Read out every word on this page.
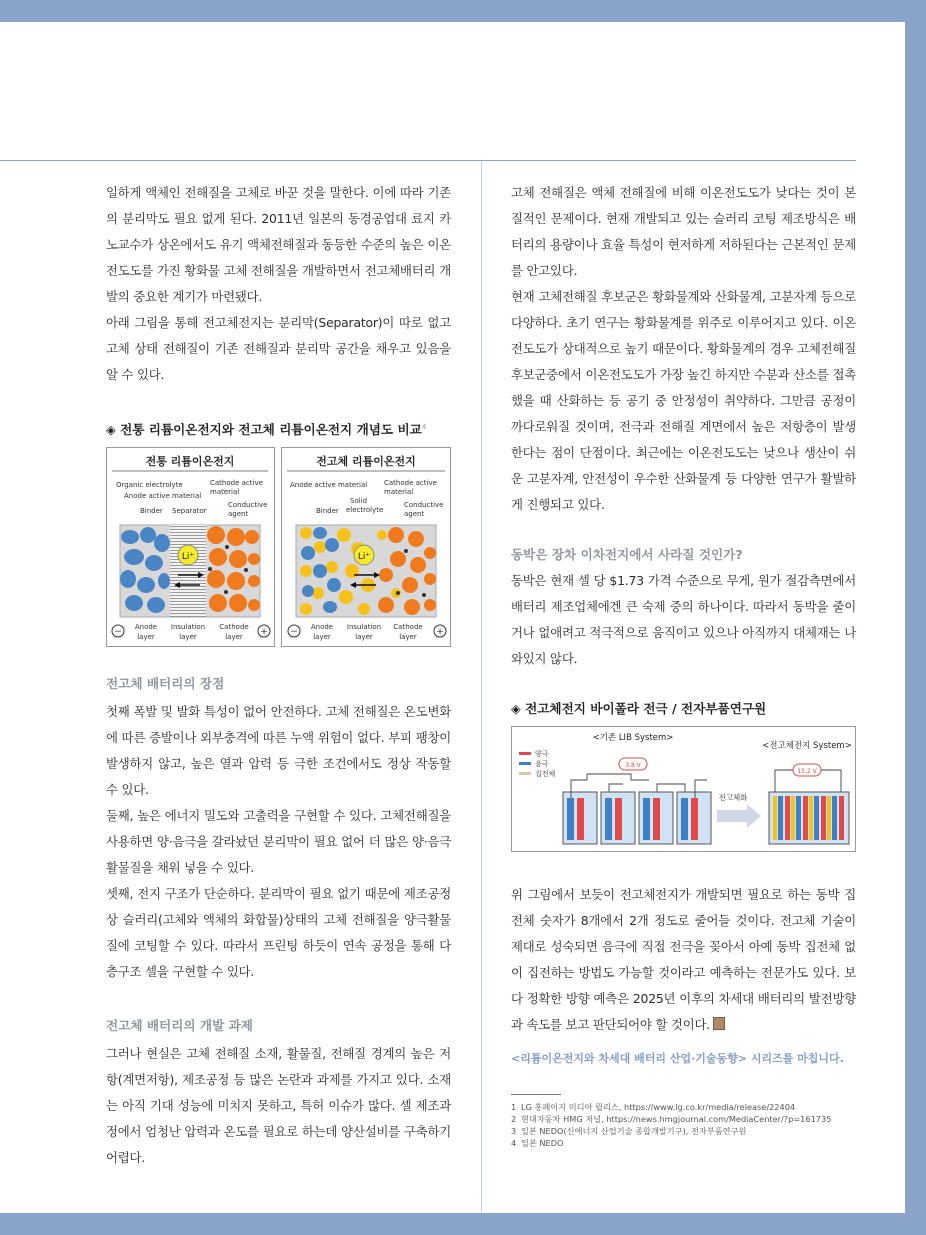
일하게 액체인 전해질을 고체로 바꾼 것을 말한다. 이에 따라 기존의 분리막도 필요 없게 된다. 2011년 일본의 동경공업대 료지 카노교수가 상온에서도 유기 액체전해질과 동등한 수준의 높은 이온전도도를 가진 황화물 고체 전해질을 개발하면서 전고체배터리 개발의 중요한 계기가 마련됐다.

아래 그림을 통해 전고체전지는 분리막(Separator)이 따로 없고 고체 상태 전해질이 기존 전해질과 분리막 공간을 채우고 있음을 알 수 있다.

◈ 전통 리튬이온전지와 전고체 리튬이온전지 개념도 비교$^4$

전통 리튬이온전지
Organic electrolyte
Anode active material
Binder Separator
Cathode active
material
Conductive
agent
Li⁺
−	+
Anode
layer
Insulation
layer
Cathode
layer
전고체 리튬이온전지
Anode active material
Binder
Solid
electrolyte
Cathode active
material
Conductive
agent
Li⁺
−	+
Anode
layer
Insulation
layer
Cathode
layer

전고체 배터리의 장점

첫째 폭발 및 발화 특성이 없어 안전하다. 고체 전해질은 온도변화에 따른 증발이나 외부충격에 따른 누액 위험이 없다. 부피 팽창이 발생하지 않고, 높은 열과 압력 등 극한 조건에서도 정상 작동할 수 있다.

둘째, 높은 에너지 밀도와 고출력을 구현할 수 있다. 고체전해질을 사용하면 양·음극을 갈라놨던 분리막이 필요 없어 더 많은 양·음극 활물질을 채워 넣을 수 있다.

셋째, 전지 구조가 단순하다. 분리막이 필요 없기 때문에 제조공정상 슬러리(고체와 액체의 화합물)상태의 고체 전해질을 양극활물질에 코팅할 수 있다. 따라서 프린팅 하듯이 연속 공정을 통해 다층구조 셀을 구현할 수 있다.

전고체 배터리의 개발 과제

그러나 현실은 고체 전해질 소재, 활물질, 전해질 경계의 높은 저항(계면저항), 제조공정 등 많은 논란과 과제를 가지고 있다. 소재는 아직 기대 성능에 미치지 못하고, 특허 이슈가 많다. 셀 제조과정에서 엄청난 압력과 온도를 필요로 하는데 양산설비를 구축하기 어렵다.

고체 전해질은 액체 전해질에 비해 이온전도도가 낮다는 것이 본질적인 문제이다. 현재 개발되고 있는 슬러리 코팅 제조방식은 배터리의 용량이나 효율 특성이 현저하게 저하된다는 근본적인 문제를 안고있다.

현재 고체전해질 후보군은 황화물계와 산화물계, 고분자계 등으로 다양하다. 초기 연구는 황화물계를 위주로 이루어지고 있다. 이온전도도가 상대적으로 높기 때문이다. 황화물계의 경우 고체전해질 후보군중에서 이온전도도가 가장 높긴 하지만 수분과 산소를 접촉했을 때 산화하는 등 공기 중 안정성이 취약하다. 그만큼 공정이 까다로워질 것이며, 전극과 전해질 계면에서 높은 저항층이 발생한다는 점이 단점이다. 최근에는 이온전도도는 낮으나 생산이 쉬운 고분자계, 안전성이 우수한 산화물계 등 다양한 연구가 활발하게 진행되고 있다.

동박은 장차 이차전지에서 사라질 것인가?

동박은 현재 셀 당 $1.73 가격 수준으로 무게, 원가 절감측면에서 배터리 제조업체에겐 큰 숙제 중의 하나이다. 따라서 동박을 줄이거나 없애려고 적극적으로 움직이고 있으나 아직까지 대체재는 나와있지 않다.

◈ 전고체전지 바이폴라 전극 / 전자부품연구원

<기존 LIB System>
<전고체전지 System>
양극
음극
집전체
3.8 V
전고체화
15.2 V

위 그림에서 보듯이 전고체전지가 개발되면 필요로 하는 동박 집전체 숫자가 8개에서 2개 정도로 줄어들 것이다. 전고체 기술이 제대로 성숙되면 음극에 직접 전극을 꽂아서 아예 동박 집전체 없이 집전하는 방법도 가능할 것이라고 예측하는 전문가도 있다. 보다 정확한 방향 예측은 2025년 이후의 차세대 배터리의 발전방향과 속도를 보고 판단되어야 할 것이다.

<리튬이온전지와 차세대 배터리 산업·기술동향> 시리즈를 마칩니다.

1 LG 홍페이지 미디아 릴리스, https://www.lg.co.kr/media/release/22404

2 현대자동차 HMG 저널, https://news.hmgjournal.com/MediaCenter/?p=161735

3 일본 NEDO(신에너지 산업기술 종합개발기구), 전자부품연구원

4 일본 NEDO
